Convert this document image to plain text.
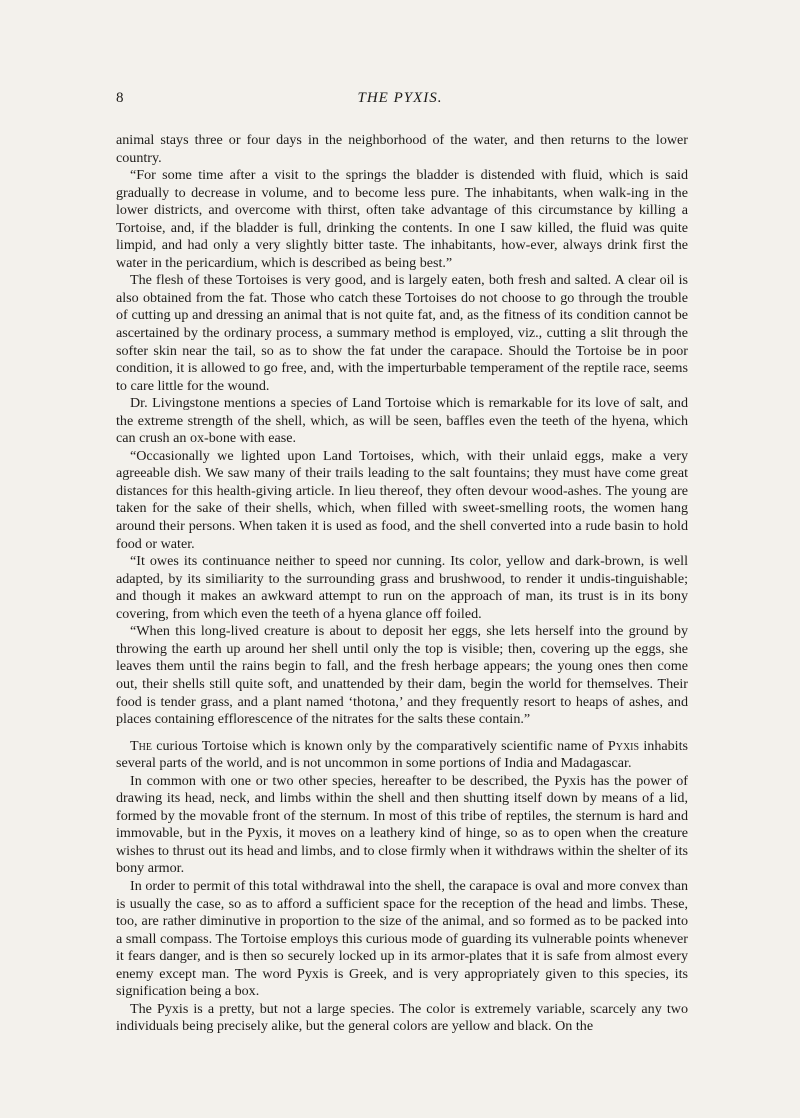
8	THE PYXIS.

animal stays three or four days in the neighborhood of the water, and then returns to the lower country.

“For some time after a visit to the springs the bladder is distended with fluid, which is said gradually to decrease in volume, and to become less pure. The inhabitants, when walk-ing in the lower districts, and overcome with thirst, often take advantage of this circumstance by killing a Tortoise, and, if the bladder is full, drinking the contents. In one I saw killed, the fluid was quite limpid, and had only a very slightly bitter taste. The inhabitants, how-ever, always drink first the water in the pericardium, which is described as being best.”

The flesh of these Tortoises is very good, and is largely eaten, both fresh and salted. A clear oil is also obtained from the fat. Those who catch these Tortoises do not choose to go through the trouble of cutting up and dressing an animal that is not quite fat, and, as the fitness of its condition cannot be ascertained by the ordinary process, a summary method is employed, viz., cutting a slit through the softer skin near the tail, so as to show the fat under the carapace. Should the Tortoise be in poor condition, it is allowed to go free, and, with the imperturbable temperament of the reptile race, seems to care little for the wound.

Dr. Livingstone mentions a species of Land Tortoise which is remarkable for its love of salt, and the extreme strength of the shell, which, as will be seen, baffles even the teeth of the hyena, which can crush an ox-bone with ease.

“Occasionally we lighted upon Land Tortoises, which, with their unlaid eggs, make a very agreeable dish. We saw many of their trails leading to the salt fountains; they must have come great distances for this health-giving article. In lieu thereof, they often devour wood-ashes. The young are taken for the sake of their shells, which, when filled with sweet-smelling roots, the women hang around their persons. When taken it is used as food, and the shell converted into a rude basin to hold food or water.

“It owes its continuance neither to speed nor cunning. Its color, yellow and dark-brown, is well adapted, by its similiarity to the surrounding grass and brushwood, to render it undis-tinguishable; and though it makes an awkward attempt to run on the approach of man, its trust is in its bony covering, from which even the teeth of a hyena glance off foiled.

“When this long-lived creature is about to deposit her eggs, she lets herself into the ground by throwing the earth up around her shell until only the top is visible; then, covering up the eggs, she leaves them until the rains begin to fall, and the fresh herbage appears; the young ones then come out, their shells still quite soft, and unattended by their dam, begin the world for themselves. Their food is tender grass, and a plant named ‘thotona,’ and they frequently resort to heaps of ashes, and places containing efflorescence of the nitrates for the salts these contain.”

The curious Tortoise which is known only by the comparatively scientific name of Pyxis inhabits several parts of the world, and is not uncommon in some portions of India and Madagascar.

In common with one or two other species, hereafter to be described, the Pyxis has the power of drawing its head, neck, and limbs within the shell and then shutting itself down by means of a lid, formed by the movable front of the sternum. In most of this tribe of reptiles, the sternum is hard and immovable, but in the Pyxis, it moves on a leathery kind of hinge, so as to open when the creature wishes to thrust out its head and limbs, and to close firmly when it withdraws within the shelter of its bony armor.

In order to permit of this total withdrawal into the shell, the carapace is oval and more convex than is usually the case, so as to afford a sufficient space for the reception of the head and limbs. These, too, are rather diminutive in proportion to the size of the animal, and so formed as to be packed into a small compass. The Tortoise employs this curious mode of guarding its vulnerable points whenever it fears danger, and is then so securely locked up in its armor-plates that it is safe from almost every enemy except man. The word Pyxis is Greek, and is very appropriately given to this species, its signification being a box.

The Pyxis is a pretty, but not a large species. The color is extremely variable, scarcely any two individuals being precisely alike, but the general colors are yellow and black. On the
